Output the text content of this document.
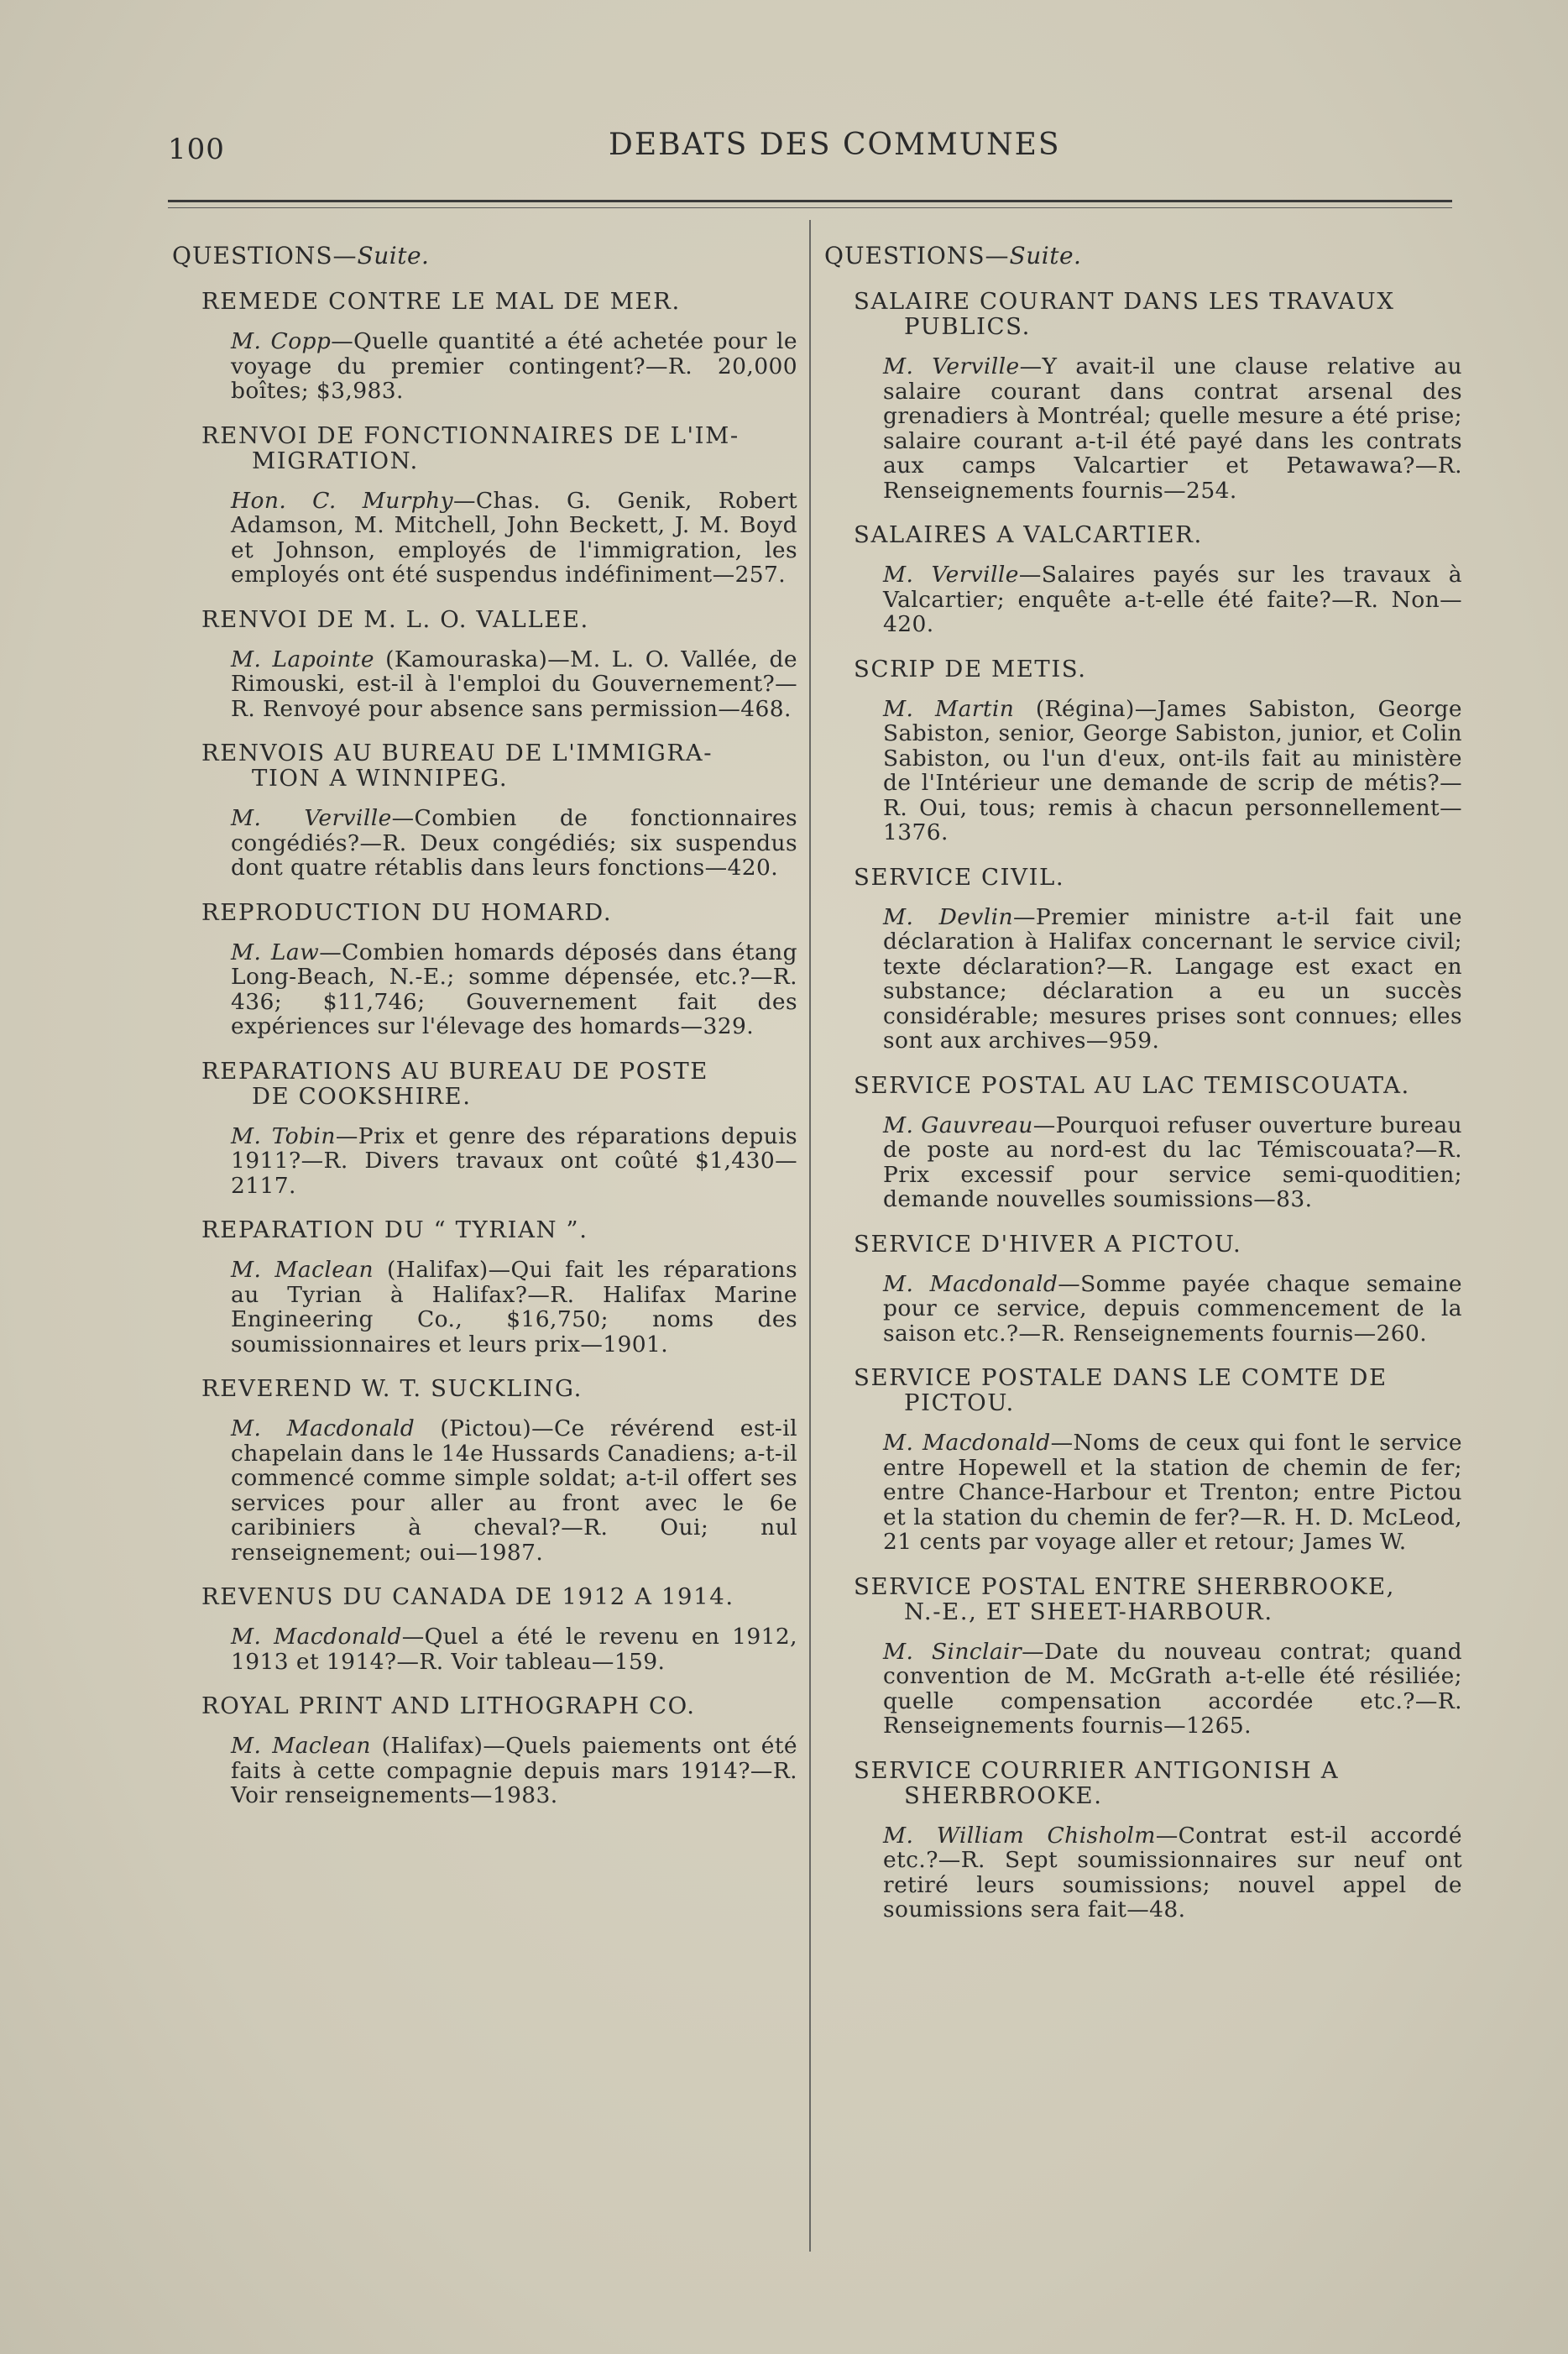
100	DEBATS DES COMMUNES
QUESTIONS—Suite.
REMEDE CONTRE LE MAL DE MER.
M. Copp—Quelle quantité a été achetée pour le voyage du premier contingent?—R. 20,000 boîtes; $3,983.
RENVOI DE FONCTIONNAIRES DE L'IM-
MIGRATION.
Hon. C. Murphy—Chas. G. Genik, Robert Adamson, M. Mitchell, John Beckett, J. M. Boyd et Johnson, employés de l'immigration, les employés ont été suspendus indéfiniment—257.
RENVOI DE M. L. O. VALLEE.
M. Lapointe (Kamouraska)—M. L. O. Vallée, de Rimouski, est-il à l'emploi du Gouvernement?—R. Renvoyé pour absence sans permission—468.
RENVOIS AU BUREAU DE L'IMMIGRA-
TION A WINNIPEG.
M. Verville—Combien de fonctionnaires congédiés?—R. Deux congédiés; six suspendus dont quatre rétablis dans leurs fonctions—420.
REPRODUCTION DU HOMARD.
M. Law—Combien homards déposés dans étang Long-Beach, N.-E.; somme dépensée, etc.?—R. 436; $11,746; Gouvernement fait des expériences sur l'élevage des homards—329.
REPARATIONS AU BUREAU DE POSTE
DE COOKSHIRE.
M. Tobin—Prix et genre des réparations depuis 1911?—R. Divers travaux ont coûté $1,430—2117.
REPARATION DU “ TYRIAN ”.
M. Maclean (Halifax)—Qui fait les réparations au Tyrian à Halifax?—R. Halifax Marine Engineering Co., $16,750; noms des soumissionnaires et leurs prix—1901.
REVEREND W. T. SUCKLING.
M. Macdonald (Pictou)—Ce révérend est-il chapelain dans le 14e Hussards Canadiens; a-t-il commencé comme simple soldat; a-t-il offert ses services pour aller au front avec le 6e caribiniers à cheval?—R. Oui; nul renseignement; oui—1987.
REVENUS DU CANADA DE 1912 A 1914.
M. Macdonald—Quel a été le revenu en 1912, 1913 et 1914?—R. Voir tableau—159.
ROYAL PRINT AND LITHOGRAPH CO.
M. Maclean (Halifax)—Quels paiements ont été faits à cette compagnie depuis mars 1914?—R. Voir renseignements—1983.
QUESTIONS—Suite.
SALAIRE COURANT DANS LES TRAVAUX
PUBLICS.
M. Verville—Y avait-il une clause relative au salaire courant dans contrat arsenal des grenadiers à Montréal; quelle mesure a été prise; salaire courant a-t-il été payé dans les contrats aux camps Valcartier et Petawawa?—R. Renseignements fournis—254.
SALAIRES A VALCARTIER.
M. Verville—Salaires payés sur les travaux à Valcartier; enquête a-t-elle été faite?—R. Non—420.
SCRIP DE METIS.
M. Martin (Régina)—James Sabiston, George Sabiston, senior, George Sabiston, junior, et Colin Sabiston, ou l'un d'eux, ont-ils fait au ministère de l'Intérieur une demande de scrip de métis?—R. Oui, tous; remis à chacun personnellement—1376.
SERVICE CIVIL.
M. Devlin—Premier ministre a-t-il fait une déclaration à Halifax concernant le service civil; texte déclaration?—R. Langage est exact en substance; déclaration a eu un succès considérable; mesures prises sont connues; elles sont aux archives—959.
SERVICE POSTAL AU LAC TEMISCOUATA.
M. Gauvreau—Pourquoi refuser ouverture bureau de poste au nord-est du lac Témiscouata?—R. Prix excessif pour service semi-quoditien; demande nouvelles soumissions—83.
SERVICE D'HIVER A PICTOU.
M. Macdonald—Somme payée chaque semaine pour ce service, depuis commencement de la saison etc.?—R. Renseignements fournis—260.
SERVICE POSTALE DANS LE COMTE DE
PICTOU.
M. Macdonald—Noms de ceux qui font le service entre Hopewell et la station de chemin de fer; entre Chance-Harbour et Trenton; entre Pictou et la station du chemin de fer?—R. H. D. McLeod, 21 cents par voyage aller et retour; James W.
SERVICE POSTAL ENTRE SHERBROOKE,
N.-E., ET SHEET-HARBOUR.
M. Sinclair—Date du nouveau contrat; quand convention de M. McGrath a-t-elle été résiliée; quelle compensation accordée etc.?—R. Renseignements fournis—1265.
SERVICE COURRIER ANTIGONISH A
SHERBROOKE.
M. William Chisholm—Contrat est-il accordé etc.?—R. Sept soumissionnaires sur neuf ont retiré leurs soumissions; nouvel appel de soumissions sera fait—48.
